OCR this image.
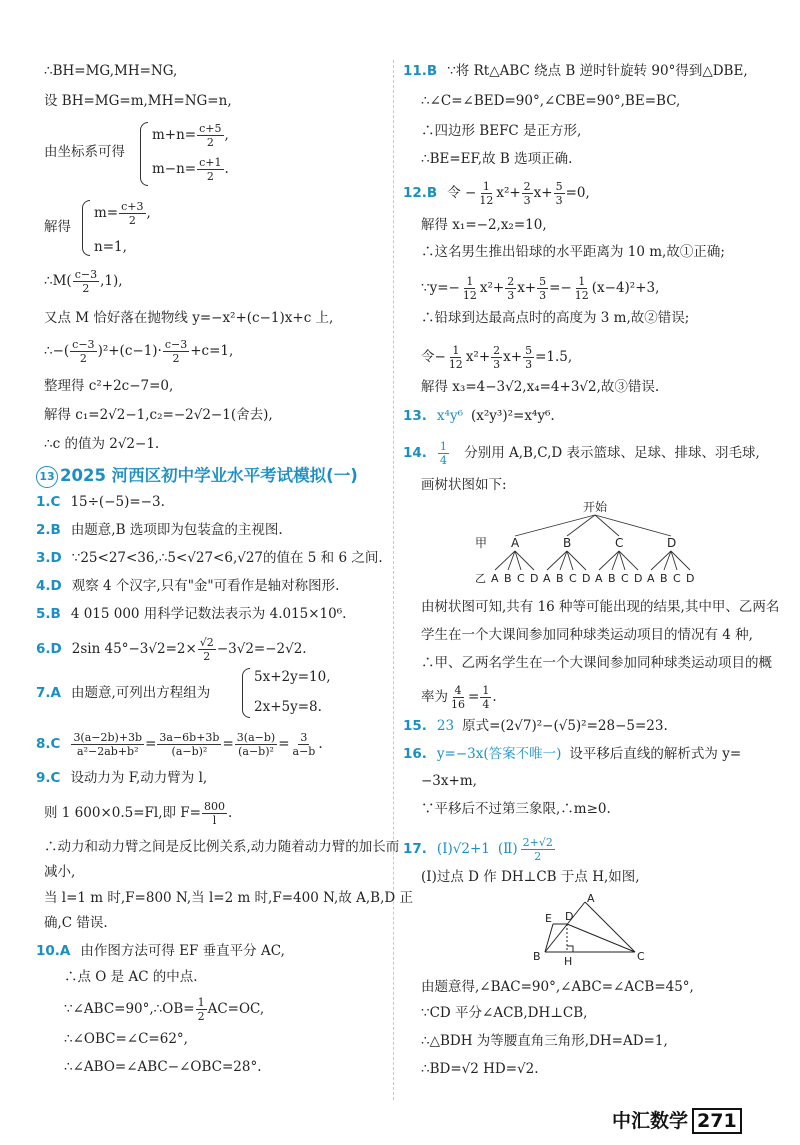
∴BH=MG,MH=NG,
设 BH=MG=m,MH=NG=n,
由坐标系可得
$m+n= \frac{c+5}{2}$ ,
$m-n= \frac{c+1}{2}$ .
解得
$m= \frac{c+3}{2}$ ,
n=1,
∴M( $\frac{c-3}{2} ,1$),
又点 M 恰好落在抛物线 y=−x²+(c−1)x+c 上,
∴−( $\frac{c-3}{2} )^2+(c-1)\cdot \frac{c-3}{2} +c=1$,
整理得 c²+2c−7=0,
解得 c₁=2√2−1,c₂=−2√2−1(舍去),
∴c 的值为 2√2−1.
13 2025 河西区初中学业水平考试模拟(一)
1.C 15÷(−5)=−3.
2.B 由题意,B 选项即为包装盒的主视图.
3.D ∵25<27<36,∴5<√27<6,√27的值在 5 和 6 之间.
4.D 观察 4 个汉字,只有"金"可看作是轴对称图形.
5.B 4 015 000 用科学记数法表示为 4.015×10⁶.
6.D 2sin $45^\circ-3√2=2\times \frac{√2}{2} -3√2=-2√2$.
7.A 由题意,可列出方程组为
5x+2y=10,
2x+5y=8.
$8.C \frac{3(a-2b)+3b}{\text{a²−2ab+b²}} = \frac{3a-6b+3b}{\text{(a−b)²}} = \frac{3(a-b)}{\text{(a−b)²}} = \frac{3}{a-b}$ .
9.C 设动力为 F,动力臂为 l,
则 1 600×0.5=Fl,即 $F= \frac{800}{l}$ .
∴动力和动力臂之间是反比例关系,动力随着动力臂的加长而
减小,
当 l=1 m 时,F=800 N,当 l=2 m 时,F=400 N,故 A,B,D 正
确,C 错误.
10.A 由作图方法可得 EF 垂直平分 AC,
∴点 O 是 AC 的中点.
∵∠ABC=90°,∴OB= $\frac{1}{2} AC=OC$,
∴∠OBC=∠C=62°,
∴∠ABO=∠ABC−∠OBC=28°.
11.B ∵将 Rt△ABC 绕点 B 逆时针旋转 90°得到△DBE,
∴∠C=∠BED=90°,∠CBE=90°,BE=BC,
∴四边形 BEFC 是正方形,
∴BE=EF,故 B 选项正确.
12.B 令 − $\frac{1}{12} x^2+ \frac{2}{3} x+ \frac{5}{3} =0$,
解得 x₁=−2,x₂=10,
∴这名男生推出铅球的水平距离为 10 m,故①正确;
∵y=− $\frac{1}{12} x^2+ \frac{2}{3} x+ \frac{5}{3} =- \frac{1}{12} (x-4)^2+3$,
∴铅球到达最高点时的高度为 3 m,故②错误;
令− $\frac{1}{12} x^2+ \frac{2}{3} x+ \frac{5}{3} =1.5$,
解得 x₃=4−3√2,x₄=4+3√2,故③错误.
13. x⁴y⁶ (x²y³)²=x⁴y⁶.
14. $\frac{1}{4}$ 分别用 A,B,C,D 表示篮球、足球、排球、羽毛球,
画树状图如下:
开始
甲 A	B	C	D
乙 A B C D A B C D A B C D A B C D
由树状图可知,共有 16 种等可能出现的结果,其中甲、乙两名
学生在一个大课间参加同种球类运动项目的情况有 4 种,
∴甲、乙两名学生在一个大课间参加同种球类运动项目的概
率为 $\frac{4}{16} = \frac{1}{4}$ .
15. 23 原式=(2√7)²−(√5)²=28−5=23.
16. y=−3x(答案不唯一) 设平移后直线的解析式为 y=
−3x+m,
∵平移后不过第三象限,∴m≥0.
17. (Ⅰ)√2+1 (Ⅱ) $\frac{2+√2}{2}$
(Ⅰ)过点 D 作 DH⊥CB 于点 H,如图,
E D
A
B H	C
由题意得,∠BAC=90°,∠ABC=∠ACB=45°,
∵CD 平分∠ACB,DH⊥CB,
∴△BDH 为等腰直角三角形,DH=AD=1,
∴BD=√2 HD=√2.
中汇数学 271
